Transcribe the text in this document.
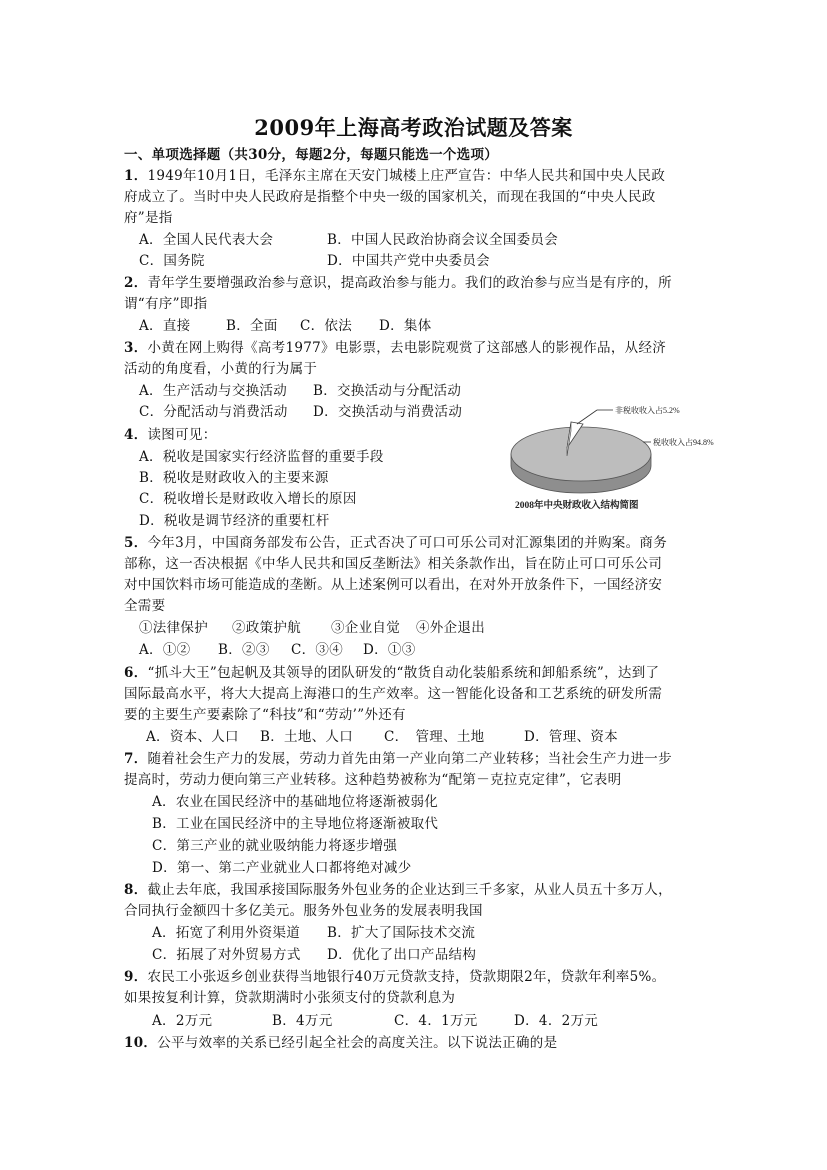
2009年上海高考政治试题及答案
一、单项选择题（共30分，每题2分，每题只能选一个选项）
1．1949年10月1日，毛泽东主席在天安门城楼上庄严宣告：中华人民共和国中央人民政
府成立了。当时中央人民政府是指整个中央一级的国家机关，而现在我国的“中央人民政
府”是指
A．全国人民代表大会	B．中国人民政治协商会议全国委员会
C．国务院	D．中国共产党中央委员会
2．青年学生要增强政治参与意识，提高政治参与能力。我们的政治参与应当是有序的，所
谓“有序”即指
A．直接	B．全面 C．依法 D．集体
3．小黄在网上购得《高考1977》电影票，去电影院观赏了这部感人的影视作品，从经济
活动的角度看，小黄的行为属于
A．生产活动与交换活动 B．交换活动与分配活动
C．分配活动与消费活动 D．交换活动与消费活动
4．读图可见：
A．税收是国家实行经济监督的重要手段
B．税收是财政收入的主要来源
C．税收增长是财政收入增长的原因
D．税收是调节经济的重要杠杆
非税收收入占5.2%
税收收入占94.8%
2008年中央财政收入结构简图
5．今年3月，中国商务部发布公告，正式否决了可口可乐公司对汇源集团的并购案。商务
部称，这一否决根据《中华人民共和国反垄断法》相关条款作出，旨在防止可口可乐公司
对中国饮料市场可能造成的垄断。从上述案例可以看出，在对外开放条件下，一国经济安
全需要
①法律保护 ②政策护航 ③企业自觉 ④外企退出
A．①② B．②③ C．③④ D．①③
6．“抓斗大王”包起帆及其领导的团队研发的“散货自动化装船系统和卸船系统”，达到了
国际最高水平，将大大提高上海港口的生产效率。这一智能化设备和工艺系统的研发所需
要的主要生产要素除了“科技”和“劳动’”外还有
A．资本、人口 B．土地、人口 C．　管理、土地	D．管理、资本
7．随着社会生产力的发展，劳动力首先由第一产业向第二产业转移；当社会生产力进一步
提高时，劳动力便向第三产业转移。这种趋势被称为“配第－克拉克定律”，它表明
A．农业在国民经济中的基础地位将逐渐被弱化
B．工业在国民经济中的主导地位将逐渐被取代
C．第三产业的就业吸纳能力将逐步增强
D．第一、第二产业就业人口都将绝对减少
8．截止去年底，我国承接国际服务外包业务的企业达到三千多家，从业人员五十多万人，
合同执行金额四十多亿美元。服务外包业务的发展表明我国
A．拓宽了利用外资渠道 B．扩大了国际技术交流
C．拓展了对外贸易方式 D．优化了出口产品结构
9．农民工小张返乡创业获得当地银行40万元贷款支持，贷款期限2年，贷款年利率5%。
如果按复利计算，贷款期满时小张须支付的贷款利息为
A．2万元	B．4万元	C．4．1万元	D．4．2万元
10．公平与效率的关系已经引起全社会的高度关注。以下说法正确的是
